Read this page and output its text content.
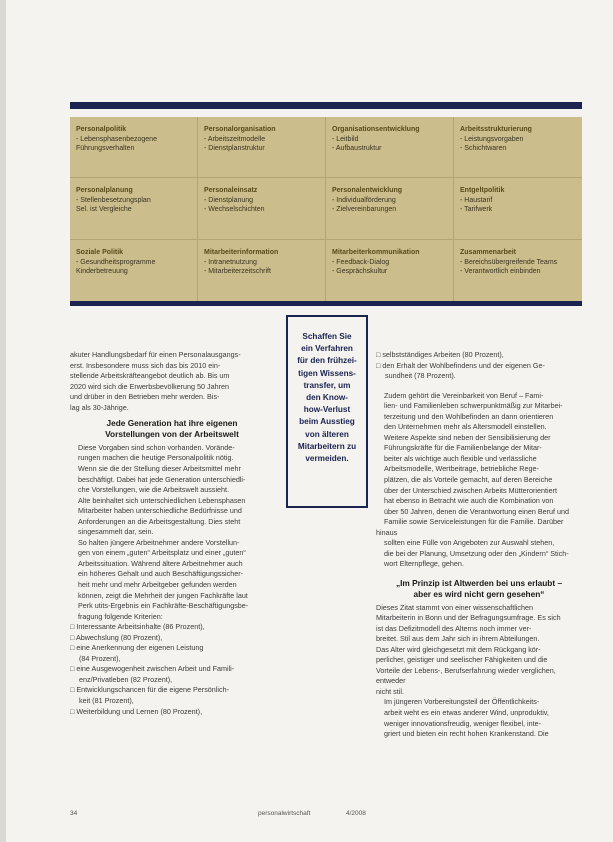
Personalpolitik
- Lebensphasenbezogene
Führungsverhalten
Personalorganisation
- Arbeitszeitmodelle
- Dienstplanstruktur
Organisationsentwicklung
- Leitbild
- Aufbaustruktur
Arbeitsstrukturierung
- Leistungsvorgaben
- Schichtwaren
Personalplanung
- Stellenbesetzungsplan
Sel. ist Vergleiche
Personaleinsatz
- Dienstplanung
- Wechselschichten
Personalentwicklung
- Individualförderung
- Zielvereinbarungen
Entgeltpolitik
- Haustarif
- Tarifwerk
Soziale Politik
- Gesundheitsprogramme
Kinderbetreuung
Mitarbeiterinformation
- Intranetnutzung
- Mitarbeiterzeitschrift
Mitarbeiterkommunikation
- Feedback-Dialog
- Gesprächskultur
Zusammenarbeit
- Bereichsübergreifende Teams
- Verantwortlich einbinden
Schaffen Sie
ein Verfahren
für den frühzei-
tigen Wissens-
transfer, um
den Know-
how-Verlust
beim Ausstieg
von älteren
Mitarbeitern zu
vermeiden.
akuter Handlungsbedarf für einen Personalausgangs-
erst. Insbesondere muss sich das bis 2010 ein-
stellende Arbeitskräfteangebot deutlich ab. Bis um
2020 wird sich die Erwerbsbevölkerung 50 Jahren
und drüber in den Betrieben mehr werden. Bis-
lag als 30-Jährige.
Jede Generation hat ihre eigenen
Vorstellungen von der Arbeitswelt
Diese Vorgaben sind schon vorhanden. Vorände-
rungen machen die heutige Personalpolitik nötig.
Wenn sie die der Stellung dieser Arbeitsmittel mehr
beschäftigt. Dabei hat jede Generation unterschiedli-
che Vorstellungen, wie die Arbeitswelt aussieht.
Alte beinhaltet sich unterschiedlichen Lebensphasen
Mitarbeiter haben unterschiedliche Bedürfnisse und
Anforderungen an die Arbeitsgestaltung. Dies steht
singesammelt dar, sein.
So halten jüngere Arbeitnehmer andere Vorstellun-
gen von einem „guten“ Arbeitsplatz und einer „guten“
Arbeitssituation. Während ältere Arbeitnehmer auch
ein höheres Gehalt und auch Beschäftigungssicher-
heit mehr und mehr Arbeitgeber gefunden werden
können, zeigt die Mehrheit der jungen Fachkräfte laut
Perk utits-Ergebnis ein Fachkräfte-Beschäftigungsbe-
fragung folgende Kriterien:
□ Interessante Arbeitsinhalte (86 Prozent),
□ Abwechslung (80 Prozent),
□ eine Anerkennung der eigenen Leistung
(84 Prozent),
□ eine Ausgewogenheit zwischen Arbeit und Famili-
enz/Privatleben (82 Prozent),
□ Entwicklungschancen für die eigene Persönlich-
keit (81 Prozent),
□ Weiterbildung und Lernen (80 Prozent),
□ selbstständiges Arbeiten (80 Prozent),
□ den Erhalt der Wohlbefindens und der eigenen Ge-
sundheit (78 Prozent).
Zudem gehört die Vereinbarkeit von Beruf – Fami-
lien- und Familienleben schwerpunktmäßig zur Mitarbei-
terzeitung und den Wohlbefinden an dann orientieren
den Unternehmen mehr als Altersmodell einstellen.
Weitere Aspekte sind neben der Sensibilisierung der
Führungskräfte für die Familienbelange der Mitar-
beiter als wichtige auch flexible und verlässliche
Arbeitsmodelle, Wertbeitrage, betriebliche Rege-
plätzen, die als Vorteile gemacht, auf deren Bereiche
über der Unterschied zwischen Arbeits Mütterorientiert
hat ebenso in Betracht wie auch die Kombination von
über 50 Jahren, denen die Verantwortung einen Beruf und
Familie sowie Serviceleistungen für die Familie. Darüber hinaus
sollten eine Fülle von Angeboten zur Auswahl stehen,
die bei der Planung, Umsetzung oder den „Kindern“ Stich-
wort Elternpflege, gehen.
„Im Prinzip ist Altwerden bei uns erlaubt –
aber es wird nicht gern gesehen“
Dieses Zitat stammt von einer wissenschaftlichen
Mitarbeiterin in Bonn und der Befragungsumfrage. Es sich
ist das Defizitmodell des Alterns noch immer ver-
breitet. Stil aus dem Jahr sich in ihrem Abteilungen.
Das Alter wird gleichgesetzt mit dem Rückgang kör-
perlicher, geistiger und seelischer Fähigkeiten und die
Vorteile der Lebens-, Berufserfahrung wieder verglichen, entweder
nicht stil.
Im jüngeren Vorbereitungsteil der Öffentlichkeits-
arbeit weht es ein etwas anderer Wind, unproduktiv,
weniger innovationsfreudig, weniger flexibel, inte-
griert und bieten ein recht hohen Krankenstand. Die
34	personalwirtschaft	4/2008
